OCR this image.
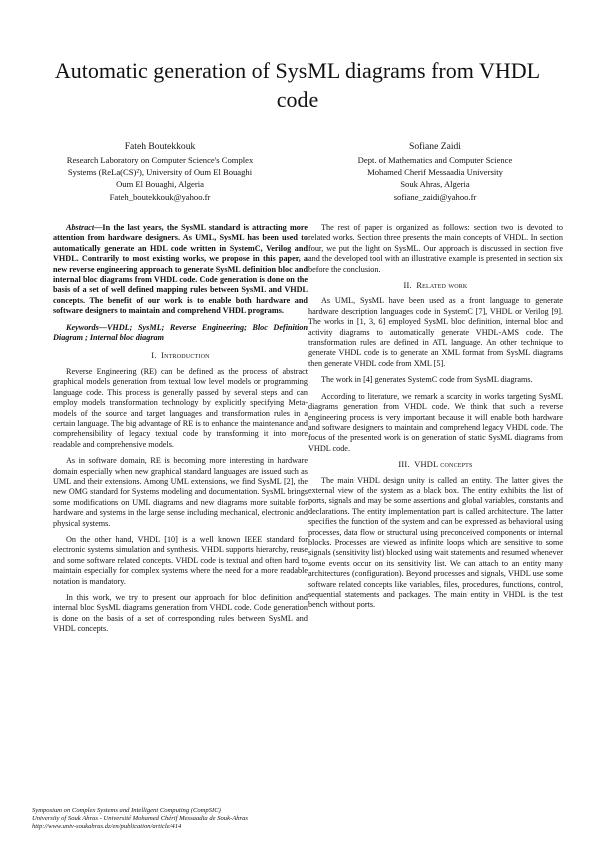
Automatic generation of SysML diagrams from VHDL code
Fateh Boutekkouk
Research Laboratory on Computer Science's Complex
Systems (ReLa(CS)²), University of Oum El Bouaghi
Oum El Bouaghi, Algeria
Fateh_boutekkouk@yahoo.fr
Sofiane Zaidi
Dept. of Mathematics and Computer Science
Mohamed Cherif Messaadia University
Souk Ahras, Algeria
sofiane_zaidi@yahoo.fr

Abstract—In the last years, the SysML standard is attracting more attention from hardware designers. As UML, SysML has been used to automatically generate an HDL code written in SystemC, Verilog and VHDL. Contrarily to most existing works, we propose in this paper, a new reverse engineering approach to generate SysML definition bloc and internal bloc diagrams from VHDL code. Code generation is done on the basis of a set of well defined mapping rules between SysML and VHDL concepts. The benefit of our work is to enable both hardware and software designers to maintain and comprehend VHDL programs.

Keywords—VHDL; SysML; Reverse Engineering; Bloc Definition Diagram ; Internal bloc diagram

I. Introduction

Reverse Engineering (RE) can be defined as the process of abstract graphical models generation from textual low level models or programming language code. This process is generally passed by several steps and can employ models transformation technology by explicitly specifying Meta-models of the source and target languages and transformation rules in a certain language. The big advantage of RE is to enhance the maintenance and comprehensibility of legacy textual code by transforming it into more readable and comprehensive models.

As in software domain, RE is becoming more interesting in hardware domain especially when new graphical standard languages are issued such as UML and their extensions. Among UML extensions, we find SysML [2], the new OMG standard for Systems modeling and documentation. SysML brings some modifications on UML diagrams and new diagrams more suitable for hardware and systems in the large sense including mechanical, electronic and physical systems.

On the other hand, VHDL [10] is a well known IEEE standard for electronic systems simulation and synthesis. VHDL supports hierarchy, reuse and some software related concepts. VHDL code is textual and often hard to maintain especially for complex systems where the need for a more readable notation is mandatory.

In this work, we try to present our approach for bloc definition and internal bloc SysML diagrams generation from VHDL code. Code generation is done on the basis of a set of corresponding rules between SysML and VHDL concepts.

The rest of paper is organized as follows: section two is devoted to related works. Section three presents the main concepts of VHDL. In section four, we put the light on SysML. Our approach is discussed in section five and the developed tool with an illustrative example is presented in section six before the conclusion.

II. Related work

As UML, SysML have been used as a front language to generate hardware description languages code in SystemC [7], VHDL or Verilog [9]. The works in [1, 3, 6] employed SysML bloc definition, internal bloc and activity diagrams to automatically generate VHDL-AMS code. The transformation rules are defined in ATL language. An other technique to generate VHDL code is to generate an XML format from SysML diagrams then generate VHDL code from XML [5].

The work in [4] generates SystemC code from SysML diagrams.

According to literature, we remark a scarcity in works targeting SysML diagrams generation from VHDL code. We think that such a reverse engineering process is very important because it will enable both hardware and software designers to maintain and comprehend legacy VHDL code. The focus of the presented work is on generation of static SysML diagrams from VHDL code.

III. VHDL concepts

The main VHDL design unity is called an entity. The latter gives the external view of the system as a black box. The entity exhibits the list of ports, signals and may be some assertions and global variables, constants and declarations. The entity implementation part is called architecture. The latter specifies the function of the system and can be expressed as behavioral using processes, data flow or structural using preconceived components or internal blocks. Processes are viewed as infinite loops which are sensitive to some signals (sensitivity list) blocked using wait statements and resumed whenever some events occur on its sensitivity list. We can attach to an entity many architectures (configuration). Beyond processes and signals, VHDL use some software related concepts like variables, files, procedures, functions, control, sequential statements and packages. The main entity in VHDL is the test bench without ports.

Symposium on Complex Systems and Intelligent Computing (CompSIC)
University of Souk Ahras - Université Mohamed Chérif Messaadia de Souk-Ahras
http://www.univ-soukahras.dz/en/publication/article/414
